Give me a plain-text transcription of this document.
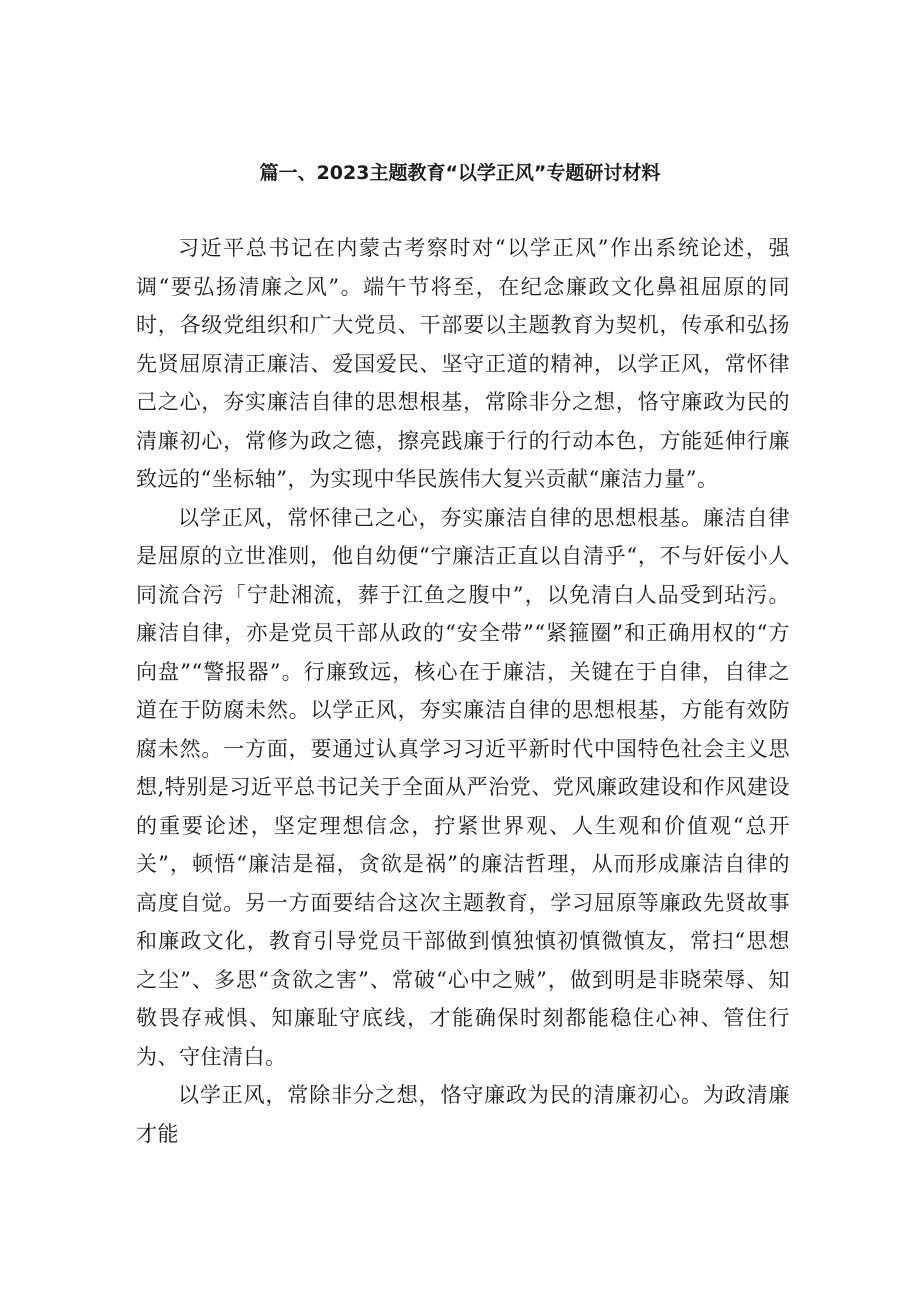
篇一、2023主题教育“以学正风”专题研讨材料

习近平总书记在内蒙古考察时对“以学正风”作出系统论述，强调“要弘扬清廉之风”。端午节将至，在纪念廉政文化鼻祖屈原的同时，各级党组织和广大党员、干部要以主题教育为契机，传承和弘扬先贤屈原清正廉洁、爱国爱民、坚守正道的精神，以学正风，常怀律己之心，夯实廉洁自律的思想根基，常除非分之想，恪守廉政为民的清廉初心，常修为政之德，擦亮践廉于行的行动本色，方能延伸行廉致远的“坐标轴”，为实现中华民族伟大复兴贡献“廉洁力量”。

以学正风，常怀律己之心，夯实廉洁自律的思想根基。廉洁自律是屈原的立世准则，他自幼便“宁廉洁正直以自清乎“，不与奸佞小人同流合污「宁赴湘流，葬于江鱼之腹中”，以免清白人品受到玷污。廉洁自律，亦是党员干部从政的“安全带”“紧箍圈”和正确用权的“方向盘”“警报器”。行廉致远，核心在于廉洁，关键在于自律，自律之道在于防腐未然。以学正风，夯实廉洁自律的思想根基，方能有效防腐未然。一方面，要通过认真学习习近平新时代中国特色社会主义思想,特别是习近平总书记关于全面从严治党、党风廉政建设和作风建设的重要论述，坚定理想信念，拧紧世界观、人生观和价值观“总开关”，顿悟“廉洁是福，贪欲是祸”的廉洁哲理，从而形成廉洁自律的高度自觉。另一方面要结合这次主题教育，学习屈原等廉政先贤故事和廉政文化，教育引导党员干部做到慎独慎初慎微慎友，常扫“思想之尘”、多思“贪欲之害”、常破“心中之贼”，做到明是非晓荣辱、知敬畏存戒惧、知廉耻守底线，才能确保时刻都能稳住心神、管住行为、守住清白。

以学正风，常除非分之想，恪守廉政为民的清廉初心。为政清廉才能
